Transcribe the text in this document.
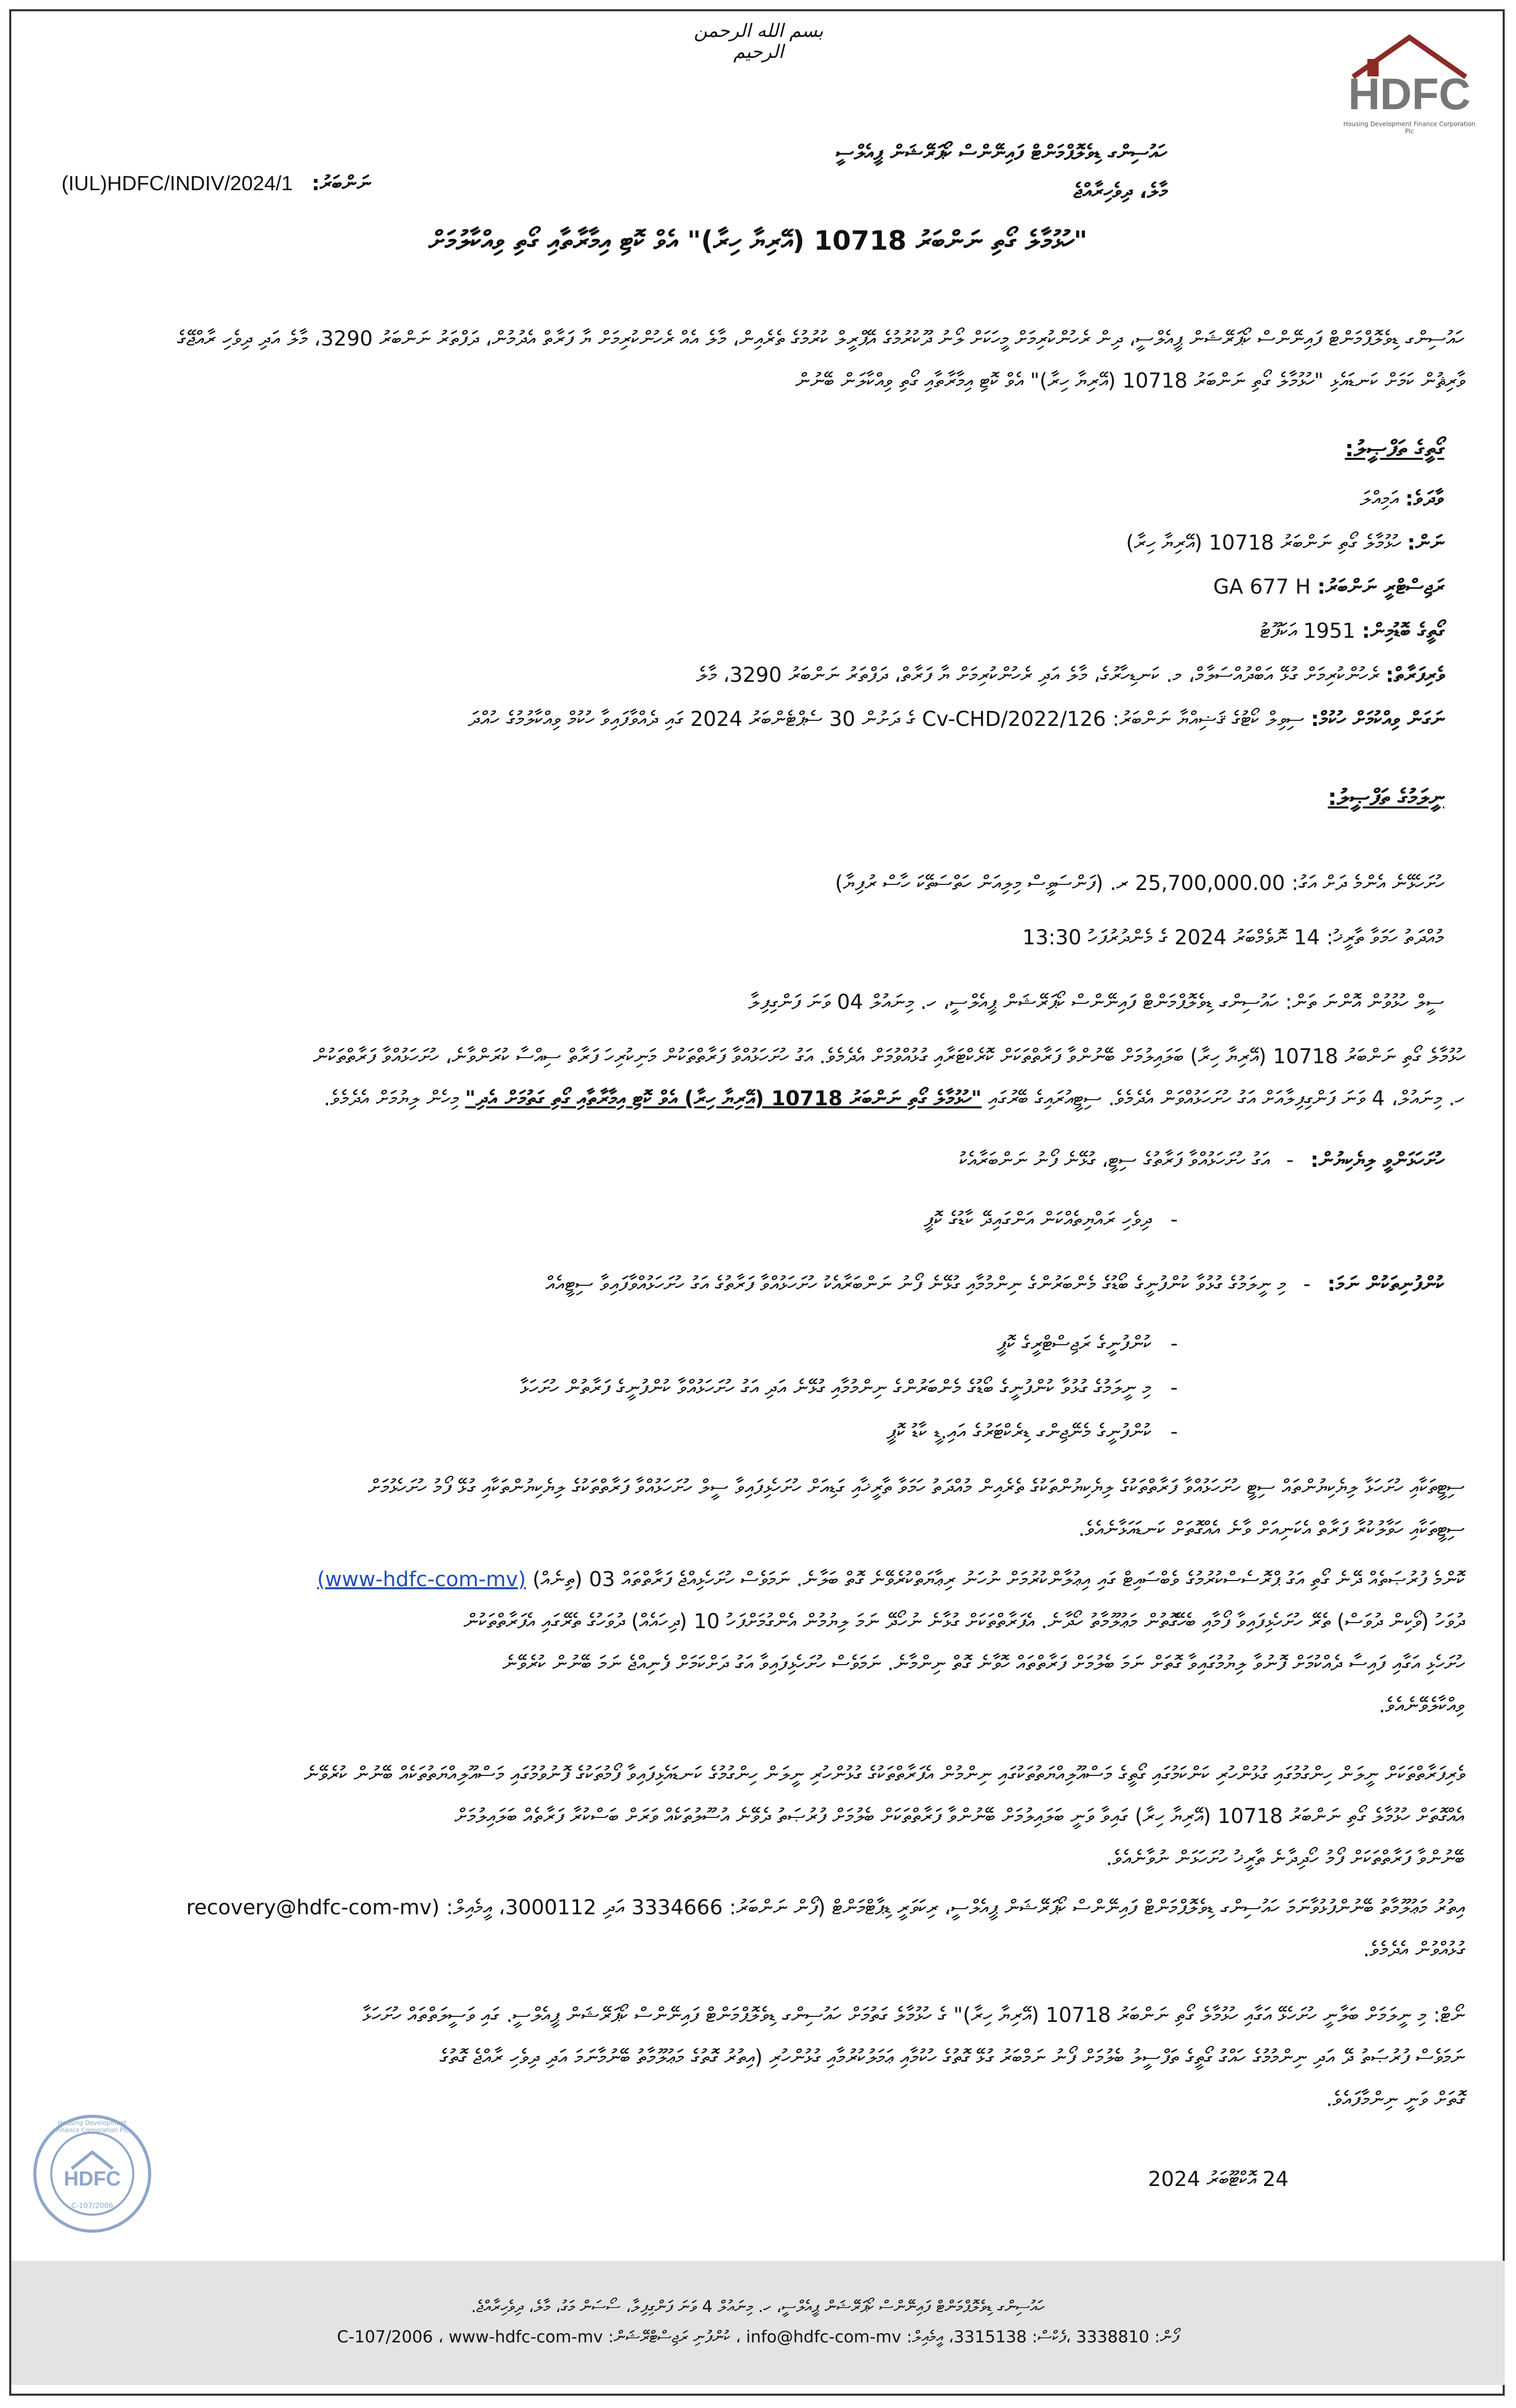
بسم الله الرحمن الرحيم
HDFC
Housing Development Finance Corporation Plc
ހައުސިންގ ޑިވެލޮޕްމަންޓް ފައިނޭންސް ކޯޕަރޭޝަން ޕީއެލްސީ
މާލެ، ދިވެހިރާއްޖެ
(IUL)HDFC/INDIV/2024/1 ނަންބަރު:
"ހުޅުމާލެ ގޯތި ނަންބަރު 10718 (އޭރިޔާ ހިރާ)" އެވް ކޮޓި އިމާރާތާއި ގޯތި ވިއްކާލުމަށް
ހައުސިންގ ޑިވެލޮޕްމަންޓް ފައިނޭންސް ކޯޕަރޭޝަން ޕީއެލްސީ، ދިން ރެހުންކުރިމަށް މީހަކަށް ލޯނު ދޫކުރުމުގެ އޭޕްރީލް ކުރުމުގެ ތެރެއިން، މާލެ އެއް ރެހުންކުރިމަށް ޔާ ފަރާތް އެދުމުން، ދަފްތަރު ނަންބަރު 3290، މާލެ އަދި ދިވެހި ރާއްޖޭގެ
ވާރިޘުން ކަމަށް ކަނޑައެޅި "ހުޅުމާލެ ގޯތި ނަންބަރު 10718 (އޭރިޔާ ހިރާ)" އެވް ކޮޓި އިމާރާތާއި ގޯތި ވިއްކާލަން ބޭނުން
ގޯތީގެ ތަފްޞީލު:
ވާދަވެ: އަމިއްލަ
ނަން: ހުޅުމާލެ ގޯތި ނަންބަރު 10718 (އޭރިޔާ ހިރާ)
ރަޖިސްޓްރީ ނަންބަރު: GA 677 H
ގޯތީގެ ބޮޑުމިން: 1951 އަކަފޫޓު
ވެރިފަރާތް: ރެހުންކުރިމަށް ގުޅޭ އަބްދުއްސަލާމް، މ. ކަނޑިހާރުގެ، މާލެ އަދި ރެހުންކުރިމަށް ޔާ ފަރާތް، ދަފްތަރު ނަންބަރު 3290، މާލެ
ނަގަން ވިއްކުމަށް ހުކުމް: ސިވިލް ކޯޓުގެ ޤަޟިއްޔާ ނަންބަރު: 126/Cv-CHD/2022 ގެ ދަށުން 30 ސެޕްޓެންބަރު 2024 ގައި ދެއްވާފައިވާ ހުކުމް ވިއްކާލުމުގެ ހުއްދަ
ނީލަމުގެ ތަފްޞީލު:
ހުށަހެޅޭނެ އެންމެ ދަށް އަގު: 25,700,000.00 ރ. (ފަންސަވީސް މިލިއަން ހަތްސަތޭކަ ހާސް ރުފިޔާ)
މުއްދަތު ހަމަވާ ތާރީޚު: 14 ނޮވެމްބަރު 2024 ގެ މެންދުރުފަހު 13:30
ސީލް ހުޅުވުން އޮންނަ ތަން: ހައުސިންގ ޑިވެލޮޕްމަންޓް ފައިނޭންސް ކޯޕަރޭޝަން ޕީއެލްސީ، ހ. މިނައުލް 04 ވަނަ ފަންގިފިލާ
ހުޅުމާލެ ގޯތި ނަންބަރު 10718 (އޭރިޔާ ހިރާ) ބަލައިލުމަށް ބޭނުންވާ ފަރާތްތަކަށް ކޮރެކްޓަރާއި ގުޅުއްވުމަށް އެދެމެވެ. އަގު ހުށަހަޅުއްވާ ފަރާތްތަކުން މަނިކުރިހަ ފަރާތް ސިއްސާ ކުރަންވާނެ، ހުށަހަޅުއްވާ ފަރާތްތަކުން
ހ. މިނައުލް، 4 ވަނަ ފަންގިފިލާއަށް އަގު ހުށަހަޅުއްވަން އެދެމެވެ. ސިޓީއުރައިގެ ބޭރުގައި "ހުޅުމާލެ ގޯތި ނަންބަރު 10718 (އޭރިޔާ ހިރާ) އެވް ކޮޓި އިމާރާތާއި ގޯތި ގަތުމަށް އެދި" މިހެން ލިޔުމަށް އެދެމެވެ.
ހުށަހަޅަންވީ ލިޔެކިޔުން: - އަގު ހުށަހަޅުއްވާ ފަރާތުގެ ސިޓީ، ގުޅޭނެ ފޯނު ނަންބަރާއެކު
- ދިވެހި ރައްޔިތެއްކަން އަންގައިދޭ ކާޑުގެ ކޮޕީ
ކުންފުނިތަކުން ނަމަ: - މި ނީލަމުގެ ގުޅުވާ ކުންފުނީގެ ބޯޑުގެ މެންބަރުންގެ ނިންމުމާއި ގުޅޭނެ ފޯނު ނަންބަރާއެކު ހުށަހަޅުއްވާ ފަރާތުގެ އަގު ހުށަހަޅުއްވާފައިވާ ސިޓީއެއް
- ކުންފުނީގެ ރަޖިސްޓްރީގެ ކޮޕީ
- މި ނީލަމުގެ ގުޅުވާ ކުންފުނީގެ ބޯޑުގެ މެންބަރުންގެ ނިންމުމާއި ގުޅޭނެ އަދި އަގު ހުށަހަޅުއްވާ ކުންފުނީގެ ފަރާތުން ހުށަހަޅާ
- ކުންފުނީގެ މެނޭޖިންގ ޑިރެކްޓަރުގެ އައި.ޑީ ކާޑު ކޮޕީ
ސިޓީތަކާއި ހުށަހަޅާ ލިޔެކިޔުންތައް ސިޓީ ހުށަހަޅުއްވާ ފަރާތްތަކުގެ ލިޔެކިޔުންތަކުގެ ތެރެއިން މުއްދަތު ހަމަވާ ތާރީޚާއި ގަޑިއަށް ހުށަހެޅިފައިވާ ސީލް ހުށަހަޅުއްވާ ފަރާތްތަކުގެ ލިޔެކިޔުންތަކާއި ގުޅޭ ފޯމު ހުށަހެޅުމަށް
ސިޓީތަކާއި ހަވާލުކުރާ ފަރާތް އެކަނިއަށް ވާނެ އެއްގޮތަށް ކަނޑައަޅާނެއެވެ.
ކޮންމެ ފުރުޞަތެއް ދޭނެ ގޯތި އަގު ޕްރޮސެސްކުރުމުގެ ވެބްސައިޓް ގައި އިޢުލާންކުރުމަށް ނުހަނު ރިޢާޔަތްކުރެވޭނެ ގޮތް ބަލާނެ. ނަމަވެސް ހުށަހެޅިއްޖެ ފަރާތްތައް 03 (ތިނެއް) (www-hdfc-com-mv)
ދުވަހު (ވޯކިން ދުވަސް) ތެރޭ ހުށަހެޅިފައިވާ ފޯމާއި ބެހޭގޮތުން މަޢުލޫމާތު ހޯދާނެ. އެފަރާތްތަކަށް ގުޅާނެ ނުހޯދޭ ނަމަ ލިޔުމުން އެންގުމަށްފަހު 10 (ދިހައެއް) ދުވަހުގެ ތެރޭގައި އެފަރާތްތަކުން
ހުށަހެޅި އަގާއި ފައިސާ ދެއްކުމަށް ފޮނުވާ ލިޔުމުގައިވާ ގޮތަށް ނަމަ ބެލުމަށް ފަރާތްތައް ހޮވާނެ ގޮތް ނިންމާނެ. ނަމަވެސް ހުށަހެޅިފައިވާ އަގު ދަށްކަމަށް ފެނިއްޖެ ނަމަ ބޭނުން ކުރެވޭނެ
ވިއްކާލެވޭނެއެވެ.
ވެރިފަރާތްތަކަށް ނީލަން ހިންގުމުގައި ގުޅުންހުރި ކަންކަމުގައި ގޯތީގެ މަސްއޫލިއްޔަތުތަކުގައި ނިންމުން އެފަރާތްތަކުގެ ގުޅުންހުރި ނީލަން ހިންގުމުގެ ކަނޑައެޅިފައިވާ ފޯމުތަކުގެ ފޮނުވުމުގައި މަސްއޫލިއްޔަތުތަކެއް ބޭނުން ކުރެވޭނެ
އެއްގޮތަށް ހުޅުމާލެ ގޯތި ނަންބަރު 10718 (އޭރިޔާ ހިރާ) ގައިވާ ވަނީ ބަލައިލުމަށް ބޭނުންވާ ފަރާތްތަކަށް ބެލުމަށް ފުރުޞަތު ދެވޭނެ އުސޫލުތަކެއް ވަރަށް ބަސްކުރާ ފަރާތެއް ބަލައިލުމަށް
ބޭނުންވާ ފަރާތްތަކަށް ފޯމު ހޯދިދާނެ ތާރީޚު ހުށަހަޅަން ނުވާނެއެވެ.
އިތުރު މަޢުލޫމާތު ބޭނުންފުޅުވާނަމަ ހައުސިންގ ޑިވެލޮޕްމަންޓް ފައިނޭންސް ކޯޕަރޭޝަން ޕީއެލްސީ، ރިކަވަރީ ޑިޕާޓްމަންޓް (ފޯން ނަންބަރު: 3334666 އަދި 3000112، އީމެއިލް: (recovery@hdfc-com-mv
ގުޅުއްވުން އެދެމެވެ.
ނޯޓް: މި ނީލަމަށް ބަލާނީ ހުށަހެޅޭ އަގާއި ހުޅުމާލެ ގޯތި ނަންބަރު 10718 (އޭރިޔާ ހިރާ)" ގެ ހުޅުމާލެ ގަތުމަށް ހައުސިންގ ޑިވެލޮޕްމަންޓް ފައިނޭންސް ކޯޕަރޭޝަން ޕީއެލްސީ. ގައި ވަސީލަތްތައް ހުށަހަޅާ
ނަމަވެސް ފުރުޞަތު ދޭ އަދި ނިންމުމުގެ ހައްގު ގޯތީގެ ތަފްސީލު ބެލުމަށް ފޯނު ނަމްބަރު ގުޅޭ ގޮތުގެ ހުކުމާއި ޢަމަލުކުރުމާއި ގުޅުންހުރި (އިތުރު ގޮތުގެ މަޢުލޫމާތު ބޭނުމާނަމަ އަދި ދިވެހި ރާއްޖެ ގޮތުގެ
ގޮތަށް ވަނީ ނިންމާފައެވެ.
HDFC
Housing Development Finance Corporation Plc
C-107/2006
24 އޮކްޓޫބަރު 2024
ހައުސިންގ ޑިވެލޮޕްމަންޓް ފައިނޭންސް ކޯޕަރޭޝަން ޕީއެލްސީ، ހ. މިނައުލް 4 ވަނަ ފަންގިފިލާ، ސޯސަން މަގު، މާލެ، ދިވެހިރާއްޖެ.
ފޯން: 3338810 ،ފެކްސް: 3315138، އީމެއިލް: info@hdfc-com-mv ، ކުންފުނި ރަޖިސްޓްރޭޝަން: C-107/2006 ، www-hdfc-com-mv
